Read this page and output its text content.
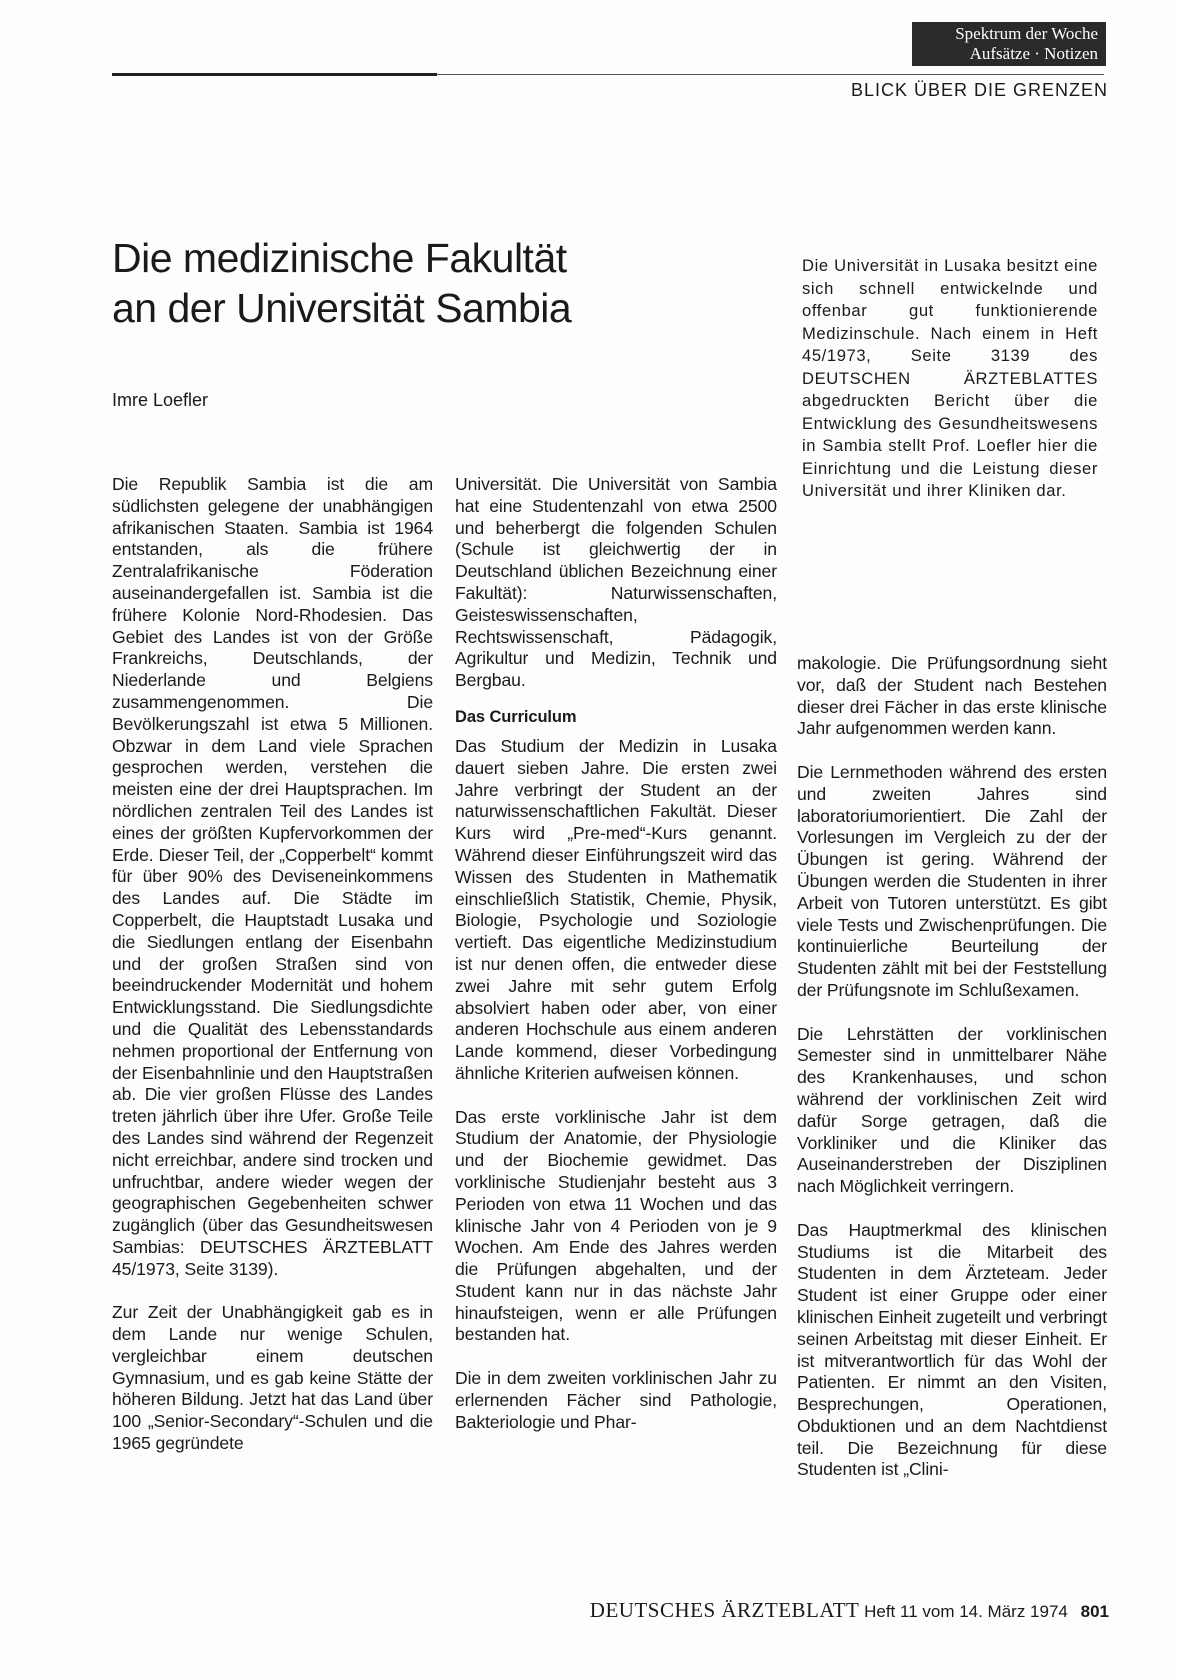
Spektrum der Woche
Aufsätze · Notizen
BLICK ÜBER DIE GRENZEN
Die medizinische Fakultät
an der Universität Sambia
Imre Loefler
Die Universität in Lusaka besitzt eine sich schnell entwickelnde und offenbar gut funktionierende Medizinschule. Nach einem in Heft 45/1973, Seite 3139 des DEUTSCHEN ÄRZTEBLATTES abgedruckten Bericht über die Entwicklung des Gesundheitswesens in Sambia stellt Prof. Loefler hier die Einrichtung und die Leistung dieser Universität und ihrer Kliniken dar.

Die Republik Sambia ist die am südlichsten gelegene der unabhängigen afrikanischen Staaten. Sambia ist 1964 entstanden, als die frühere Zentralafrikanische Föderation auseinandergefallen ist. Sambia ist die frühere Kolonie Nord-Rhodesien. Das Gebiet des Landes ist von der Größe Frankreichs, Deutschlands, der Niederlande und Belgiens zusammengenommen. Die Bevölkerungszahl ist etwa 5 Millionen. Obzwar in dem Land viele Sprachen gesprochen werden, verstehen die meisten eine der drei Hauptsprachen. Im nördlichen zentralen Teil des Landes ist eines der größten Kupfervorkommen der Erde. Dieser Teil, der „Copperbelt“ kommt für über 90% des Deviseneinkommens des Landes auf. Die Städte im Copperbelt, die Hauptstadt Lusaka und die Siedlungen entlang der Eisenbahn und der großen Straßen sind von beeindruckender Modernität und hohem Entwicklungsstand. Die Siedlungsdichte und die Qualität des Lebensstandards nehmen proportional der Entfernung von der Eisenbahnlinie und den Hauptstraßen ab. Die vier großen Flüsse des Landes treten jährlich über ihre Ufer. Große Teile des Landes sind während der Regenzeit nicht erreichbar, andere sind trocken und unfruchtbar, andere wieder wegen der geographischen Gegebenheiten schwer zugänglich (über das Gesundheitswesen Sambias: DEUTSCHES ÄRZTEBLATT 45/1973, Seite 3139).

Zur Zeit der Unabhängigkeit gab es in dem Lande nur wenige Schulen, vergleichbar einem deutschen Gymnasium, und es gab keine Stätte der höheren Bildung. Jetzt hat das Land über 100 „Senior-Secondary“-Schulen und die 1965 gegründete

Universität. Die Universität von Sambia hat eine Studentenzahl von etwa 2500 und beherbergt die folgenden Schulen (Schule ist gleichwertig der in Deutschland üblichen Bezeichnung einer Fakultät): Naturwissenschaften, Geisteswissenschaften, Rechtswissenschaft, Pädagogik, Agrikultur und Medizin, Technik und Bergbau.

Das Curriculum

Das Studium der Medizin in Lusaka dauert sieben Jahre. Die ersten zwei Jahre verbringt der Student an der naturwissenschaftlichen Fakultät. Dieser Kurs wird „Pre-med“-Kurs genannt. Während dieser Einführungszeit wird das Wissen des Studenten in Mathematik einschließlich Statistik, Chemie, Physik, Biologie, Psychologie und Soziologie vertieft. Das eigentliche Medizinstudium ist nur denen offen, die entweder diese zwei Jahre mit sehr gutem Erfolg absolviert haben oder aber, von einer anderen Hochschule aus einem anderen Lande kommend, dieser Vorbedingung ähnliche Kriterien aufweisen können.

Das erste vorklinische Jahr ist dem Studium der Anatomie, der Physiologie und der Biochemie gewidmet. Das vorklinische Studienjahr besteht aus 3 Perioden von etwa 11 Wochen und das klinische Jahr von 4 Perioden von je 9 Wochen. Am Ende des Jahres werden die Prüfungen abgehalten, und der Student kann nur in das nächste Jahr hinaufsteigen, wenn er alle Prüfungen bestanden hat.

Die in dem zweiten vorklinischen Jahr zu erlernenden Fächer sind Pathologie, Bakteriologie und Phar-

makologie. Die Prüfungsordnung sieht vor, daß der Student nach Bestehen dieser drei Fächer in das erste klinische Jahr aufgenommen werden kann.

Die Lernmethoden während des ersten und zweiten Jahres sind laboratoriumorientiert. Die Zahl der Vorlesungen im Vergleich zu der der Übungen ist gering. Während der Übungen werden die Studenten in ihrer Arbeit von Tutoren unterstützt. Es gibt viele Tests und Zwischenprüfungen. Die kontinuierliche Beurteilung der Studenten zählt mit bei der Feststellung der Prüfungsnote im Schlußexamen.

Die Lehrstätten der vorklinischen Semester sind in unmittelbarer Nähe des Krankenhauses, und schon während der vorklinischen Zeit wird dafür Sorge getragen, daß die Vorkliniker und die Kliniker das Auseinanderstreben der Disziplinen nach Möglichkeit verringern.

Das Hauptmerkmal des klinischen Studiums ist die Mitarbeit des Studenten in dem Ärzteteam. Jeder Student ist einer Gruppe oder einer klinischen Einheit zugeteilt und verbringt seinen Arbeitstag mit dieser Einheit. Er ist mitverantwortlich für das Wohl der Patienten. Er nimmt an den Visiten, Besprechungen, Operationen, Obduktionen und an dem Nachtdienst teil. Die Bezeichnung für diese Studenten ist „Clini-

DEUTSCHES ÄRZTEBLATT Heft 11 vom 14. März 1974 801
